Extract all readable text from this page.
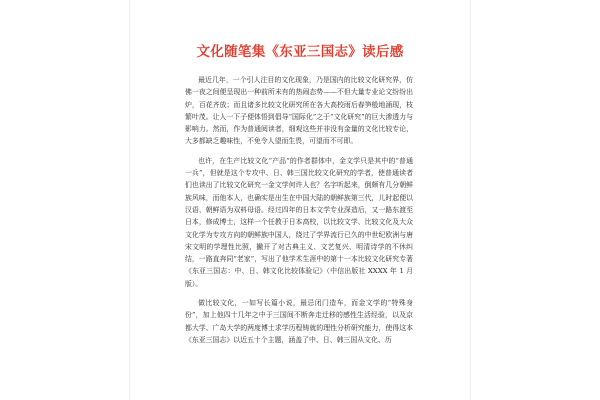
文化随笔集《东亚三国志》读后感

最近几年，一个引人注目的文化现象，乃是国内的比较文化研究界，仿佛一夜之间便呈现出一种前所未有的热闹态势——不但大量专业论文纷纷出炉，百花齐放；而且诸多比较文化研究所在各大高校雨后春笋般地涌现，枝繁叶茂。让人一下子便体悟到倡导“国际化”之于“文化研究”的巨大渗透力与影响力。然而，作为普通阅读者，细观这些并非没有金量的文化比较专论，大多都缺乏趣味性，不免令人望而生畏，可望而不可即。

也许，在生产比较文化“产品”的作者群体中，金文学只是其中的“普通一兵”，但就是这个专攻中、日、韩三国比较文化研究的学者，使普通读者们也读出了比较文化研究一金文学何许人也？名字听起来，倒颇有几分朝鲜族风味，而他本人，也确实是出生在中国大陆的朝鲜族第三代，儿时起便以汉语、朝鲜语为双料母语。经过四年的日本文学专业深造后，又一路东渡至日本，修成博士，这样一个任教于日本高校，以比较文学、比较文化及大众文化学为专攻方向的朝鲜族中国人，绕过了学界流行已久的中世纪欧洲与唐宋文明的学理性比照，撇开了对古典主义、文艺复兴、明清诗学的不休纠结，一路直奔同“老家”，写出了他学术生涯中的第十一本比较文化研究专著《东亚三国志：中、日、韩文化比较体验记》（中信出版社 XXXX 年 1 月版）。

做比较文化，一如写长篇小说，最忌闭门造车，而金文学的“特殊身份”，加上他四十几年之中于三国间不断奔走迁移的感性生活经验，以及京都大学、广岛大学的两度博士求学历程铸就的理性分析研究能力，使得这本《东亚三国志》以近五十个主题，涵盖了中、日、韩三国从文化、历
